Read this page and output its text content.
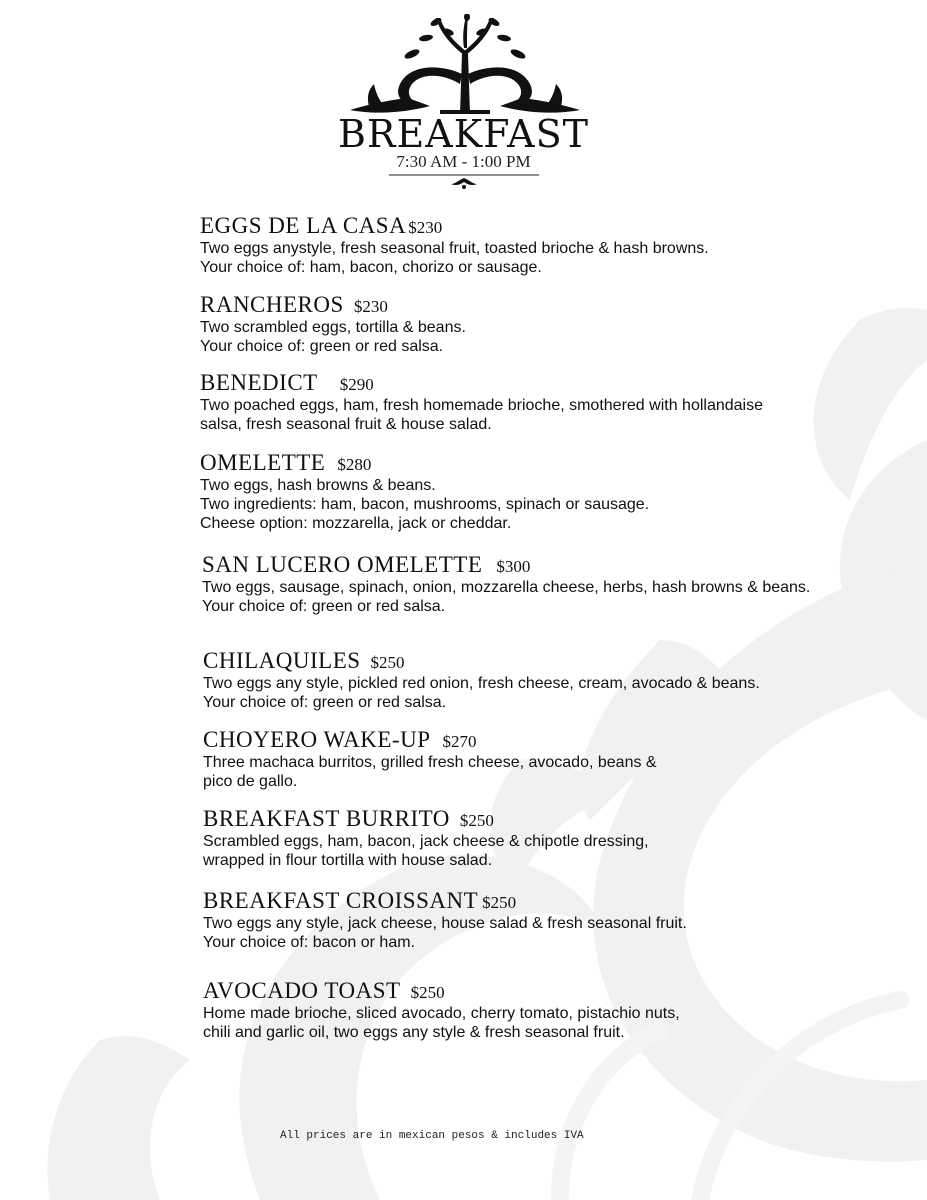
BREAKFAST
7:30 AM - 1:00 PM
EGGS DE LA CASA $230
Two eggs anystyle, fresh seasonal fruit, toasted brioche & hash browns.
Your choice of: ham, bacon, chorizo or sausage.
RANCHEROS $230
Two scrambled eggs, tortilla & beans.
Your choice of: green or red salsa.
BENEDICT $290
Two poached eggs, ham, fresh homemade brioche, smothered with hollandaise
salsa, fresh seasonal fruit & house salad.
OMELETTE $280
Two eggs, hash browns & beans.
Two ingredients: ham, bacon, mushrooms, spinach or sausage.
Cheese option: mozzarella, jack or cheddar.
SAN LUCERO OMELETTE $300
Two eggs, sausage, spinach, onion, mozzarella cheese, herbs, hash browns & beans.
Your choice of: green or red salsa.
CHILAQUILES $250
Two eggs any style, pickled red onion, fresh cheese, cream, avocado & beans.
Your choice of: green or red salsa.
CHOYERO WAKE-UP $270
Three machaca burritos, grilled fresh cheese, avocado, beans &
pico de gallo.
BREAKFAST BURRITO $250
Scrambled eggs, ham, bacon, jack cheese & chipotle dressing,
wrapped in flour tortilla with house salad.
BREAKFAST CROISSANT $250
Two eggs any style, jack cheese, house salad & fresh seasonal fruit.
Your choice of: bacon or ham.
AVOCADO TOAST $250
Home made brioche, sliced avocado, cherry tomato, pistachio nuts,
chili and garlic oil, two eggs any style & fresh seasonal fruit.
All prices are in mexican pesos & includes IVA
